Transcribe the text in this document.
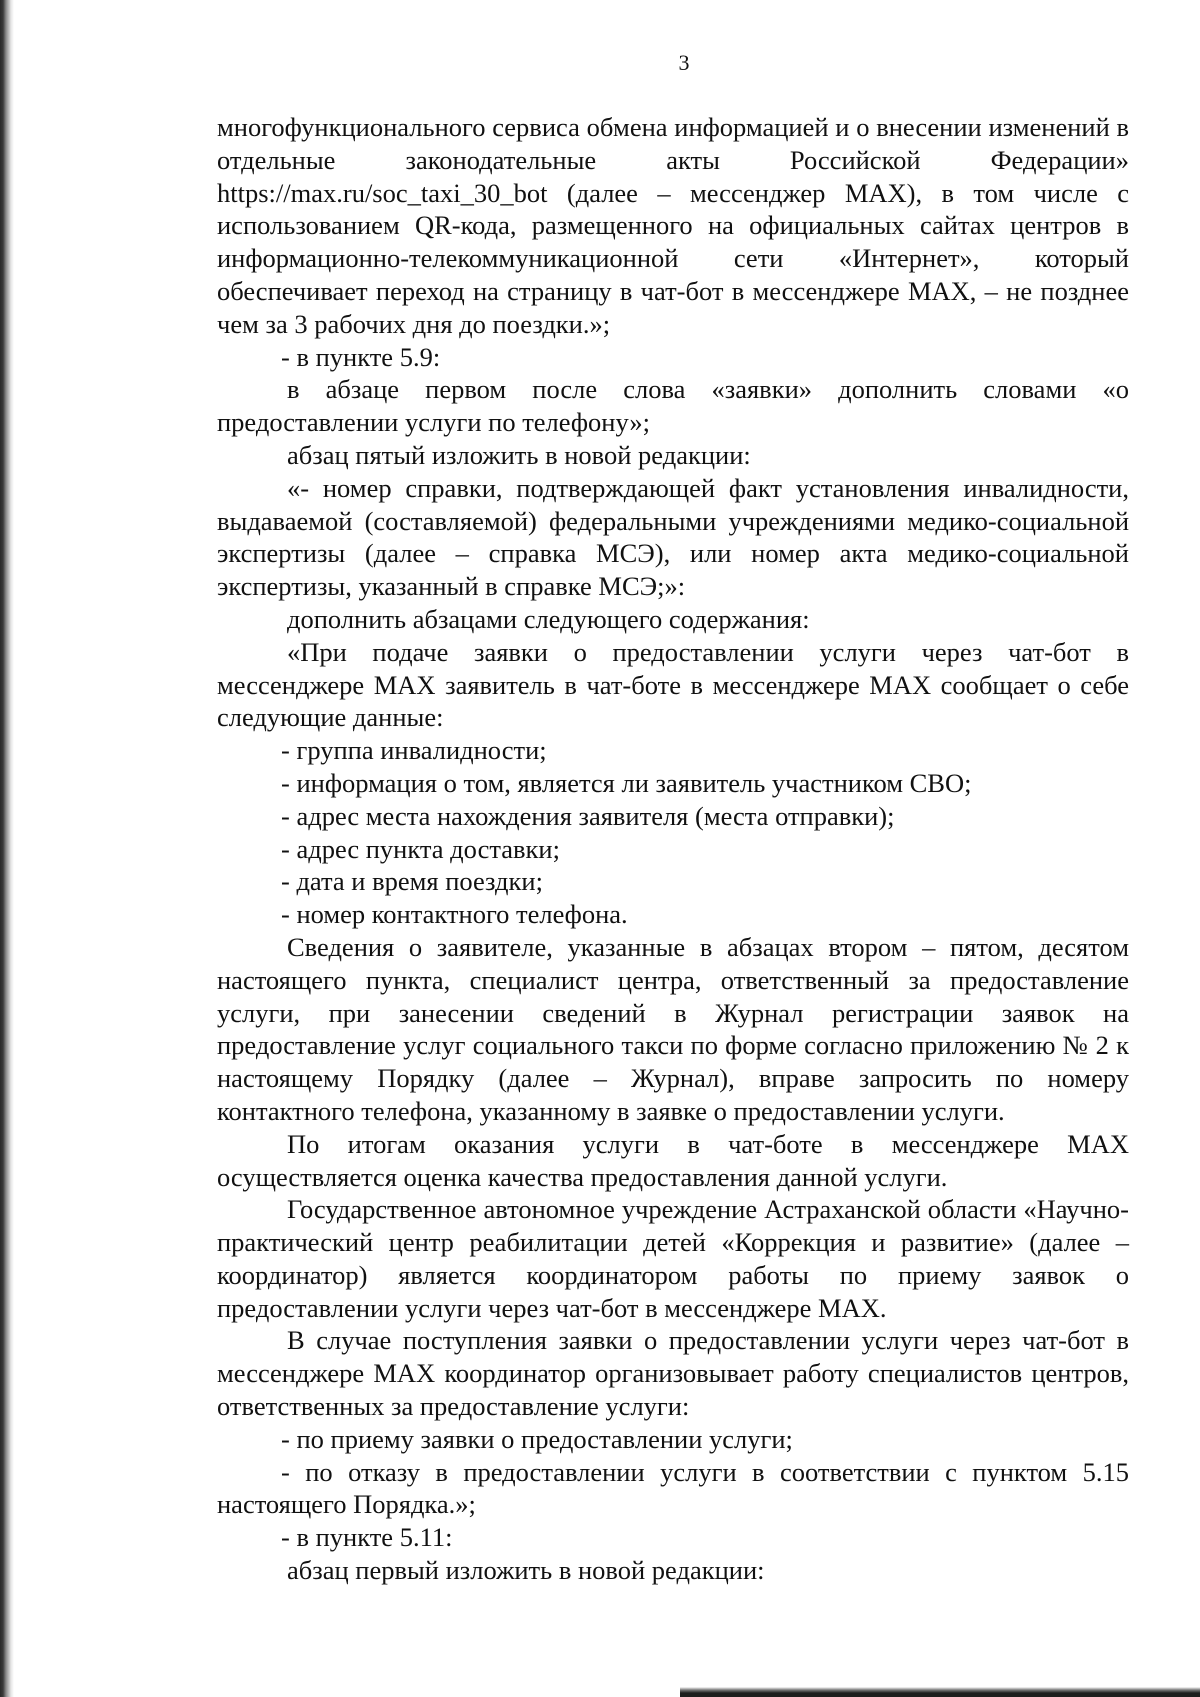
3

многофункционального сервиса обмена информацией и о внесении изменений в отдельные законодательные акты Российской Федерации» https://max.ru/soc_taxi_30_bot (далее – мессенджер MAX), в том числе с использованием QR-кода, размещенного на официальных сайтах центров в информационно-телекоммуникационной сети «Интернет», который обеспечивает переход на страницу в чат-бот в мессенджере MAX, – не позднее чем за 3 рабочих дня до поездки.»;

- в пункте 5.9:

в абзаце первом после слова «заявки» дополнить словами «о предоставлении услуги по телефону»;

абзац пятый изложить в новой редакции:

«- номер справки, подтверждающей факт установления инвалидности, выдаваемой (составляемой) федеральными учреждениями медико-социальной экспертизы (далее – справка МСЭ), или номер акта медико-социальной экспертизы, указанный в справке МСЭ;»:

дополнить абзацами следующего содержания:

«При подаче заявки о предоставлении услуги через чат-бот в мессенджере MAX заявитель в чат-боте в мессенджере MAX сообщает о себе следующие данные:

- группа инвалидности;

- информация о том, является ли заявитель участником СВО;

- адрес места нахождения заявителя (места отправки);

- адрес пункта доставки;

- дата и время поездки;

- номер контактного телефона.

Сведения о заявителе, указанные в абзацах втором – пятом, десятом настоящего пункта, специалист центра, ответственный за предоставление услуги, при занесении сведений в Журнал регистрации заявок на предоставление услуг социального такси по форме согласно приложению № 2 к настоящему Порядку (далее – Журнал), вправе запросить по номеру контактного телефона, указанному в заявке о предоставлении услуги.

По итогам оказания услуги в чат-боте в мессенджере MAX осуществляется оценка качества предоставления данной услуги.

Государственное автономное учреждение Астраханской области «Научно-практический центр реабилитации детей «Коррекция и развитие» (далее – координатор) является координатором работы по приему заявок о предоставлении услуги через чат-бот в мессенджере MAX.

В случае поступления заявки о предоставлении услуги через чат-бот в мессенджере MAX координатор организовывает работу специалистов центров, ответственных за предоставление услуги:

- по приему заявки о предоставлении услуги;

- по отказу в предоставлении услуги в соответствии с пунктом 5.15 настоящего Порядка.»;

- в пункте 5.11:

абзац первый изложить в новой редакции:
